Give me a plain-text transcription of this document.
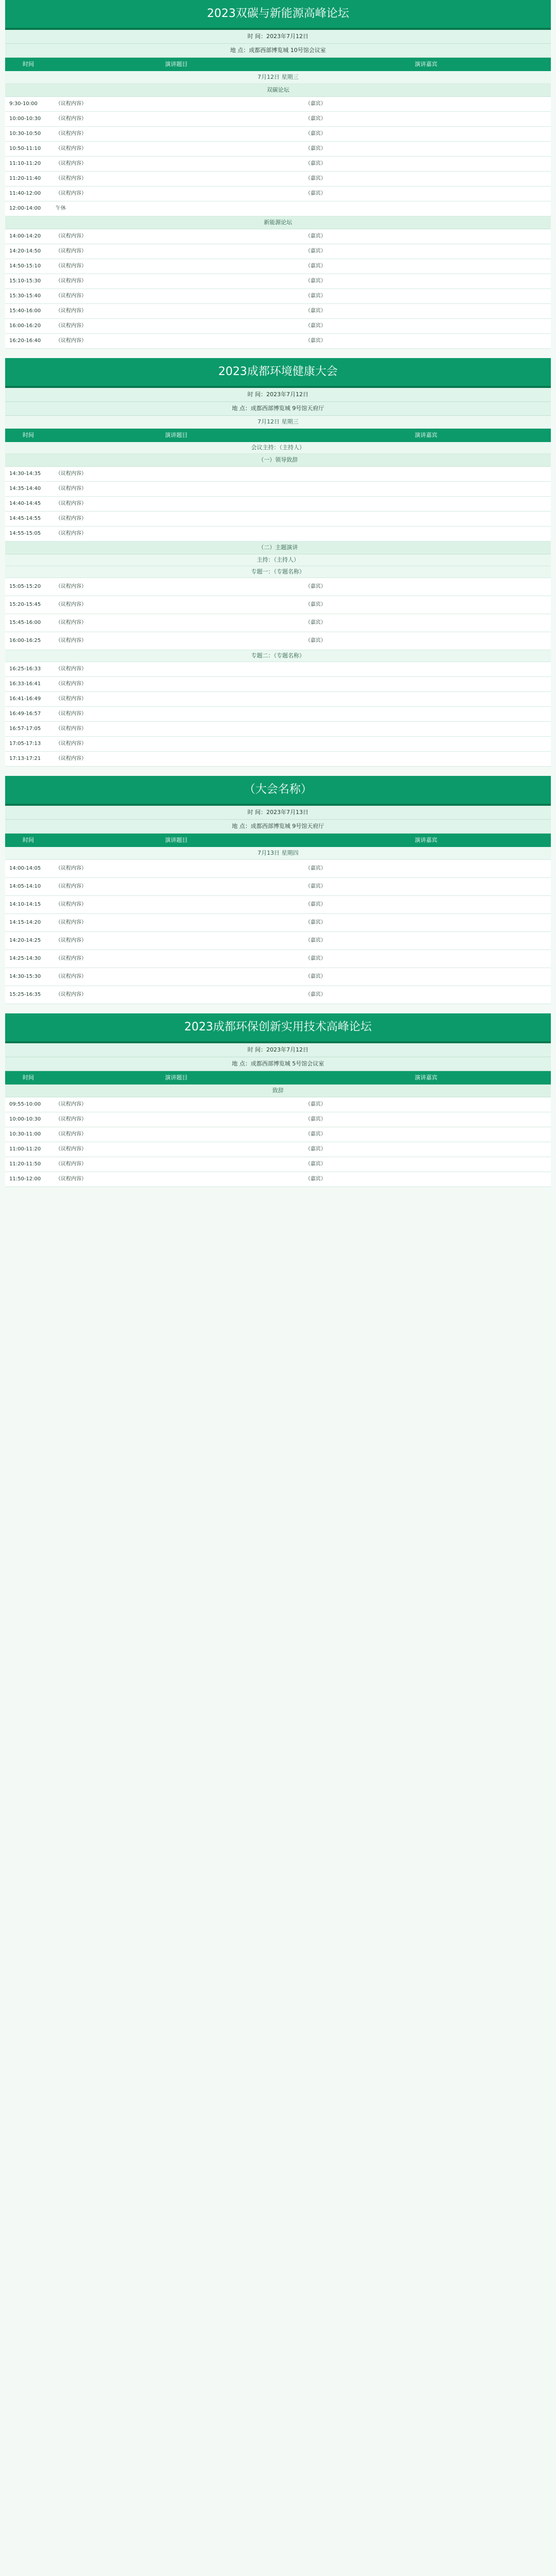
2023双碳与新能源高峰论坛
时 间：2023年7月12日
地 点：成都西部博览城 10号馆会议室
时间	演讲题目	演讲嘉宾
7月12日 星期三
双碳论坛
9:30-10:00	（议程内容）	（嘉宾）
10:00-10:30	（议程内容）	（嘉宾）
10:30-10:50	（议程内容）	（嘉宾）
10:50-11:10	（议程内容）	（嘉宾）
11:10-11:20	（议程内容）	（嘉宾）
11:20-11:40	（议程内容）	（嘉宾）
11:40-12:00	（议程内容）	（嘉宾）
12:00-14:00	午休
新能源论坛
14:00-14:20	（议程内容）	（嘉宾）
14:20-14:50	（议程内容）	（嘉宾）
14:50-15:10	（议程内容）	（嘉宾）
15:10-15:30	（议程内容）	（嘉宾）
15:30-15:40	（议程内容）	（嘉宾）
15:40-16:00	（议程内容）	（嘉宾）
16:00-16:20	（议程内容）	（嘉宾）
16:20-16:40	（议程内容）	（嘉宾）
2023成都环境健康大会
时 间：2023年7月12日
地 点：成都西部博览城 9号馆天府厅
7月12日 星期三
时间	演讲题目	演讲嘉宾
会议主持：（主持人）
（一）领导致辞
14:30-14:35	（议程内容）
14:35-14:40	（议程内容）
14:40-14:45	（议程内容）
14:45-14:55	（议程内容）
14:55-15:05	（议程内容）
（二）主题演讲
主持：（主持人）
专题一：（专题名称）
15:05-15:20	（议程内容）	（嘉宾）
15:20-15:45	（议程内容）	（嘉宾）
15:45-16:00	（议程内容）	（嘉宾）
16:00-16:25	（议程内容）	（嘉宾）
专题二：（专题名称）
16:25-16:33	（议程内容）
16:33-16:41	（议程内容）
16:41-16:49	（议程内容）
16:49-16:57	（议程内容）
16:57-17:05	（议程内容）
17:05-17:13	（议程内容）
17:13-17:21	（议程内容）
（大会名称）
时 间：2023年7月13日
地 点：成都西部博览城 9号馆天府厅
时间	演讲题目	演讲嘉宾
7月13日 星期四
14:00-14:05	（议程内容）	（嘉宾）
14:05-14:10	（议程内容）	（嘉宾）
14:10-14:15	（议程内容）	（嘉宾）
14:15-14:20	（议程内容）	（嘉宾）
14:20-14:25	（议程内容）	（嘉宾）
14:25-14:30	（议程内容）	（嘉宾）
14:30-15:30	（议程内容）	（嘉宾）
15:25-16:35	（议程内容）	（嘉宾）
2023成都环保创新实用技术高峰论坛
时 间：2023年7月12日
地 点：成都西部博览城 5号馆会议室
时间	演讲题目	演讲嘉宾
致辞
09:55-10:00	（议程内容）	（嘉宾）
10:00-10:30	（议程内容）	（嘉宾）
10:30-11:00	（议程内容）	（嘉宾）
11:00-11:20	（议程内容）	（嘉宾）
11:20-11:50	（议程内容）	（嘉宾）
11:50-12:00	（议程内容）	（嘉宾）
